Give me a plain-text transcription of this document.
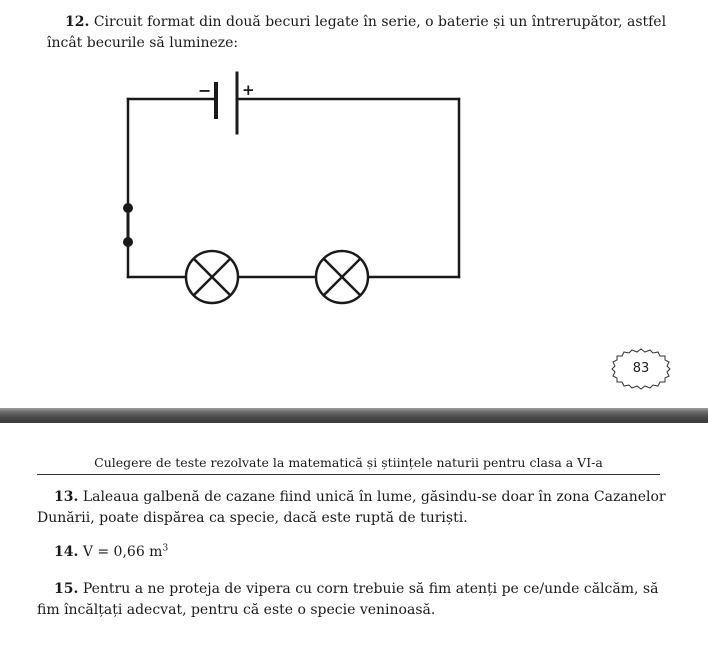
12. Circuit format din două becuri legate în serie, o baterie și un întrerupător, astfel încât becurile să lumineze:
− +
83
Culegere de teste rezolvate la matematică și științele naturii pentru clasa a VI-a
13. Laleaua galbenă de cazane fiind unică în lume, găsindu-se doar în zona Cazanelor Dunării, poate dispărea ca specie, dacă este ruptă de turiști.
14. V = 0,66 $m^3$
15. Pentru a ne proteja de vipera cu corn trebuie să fim atenți pe ce/unde călcăm, să fim încălțați adecvat, pentru că este o specie veninoasă.
